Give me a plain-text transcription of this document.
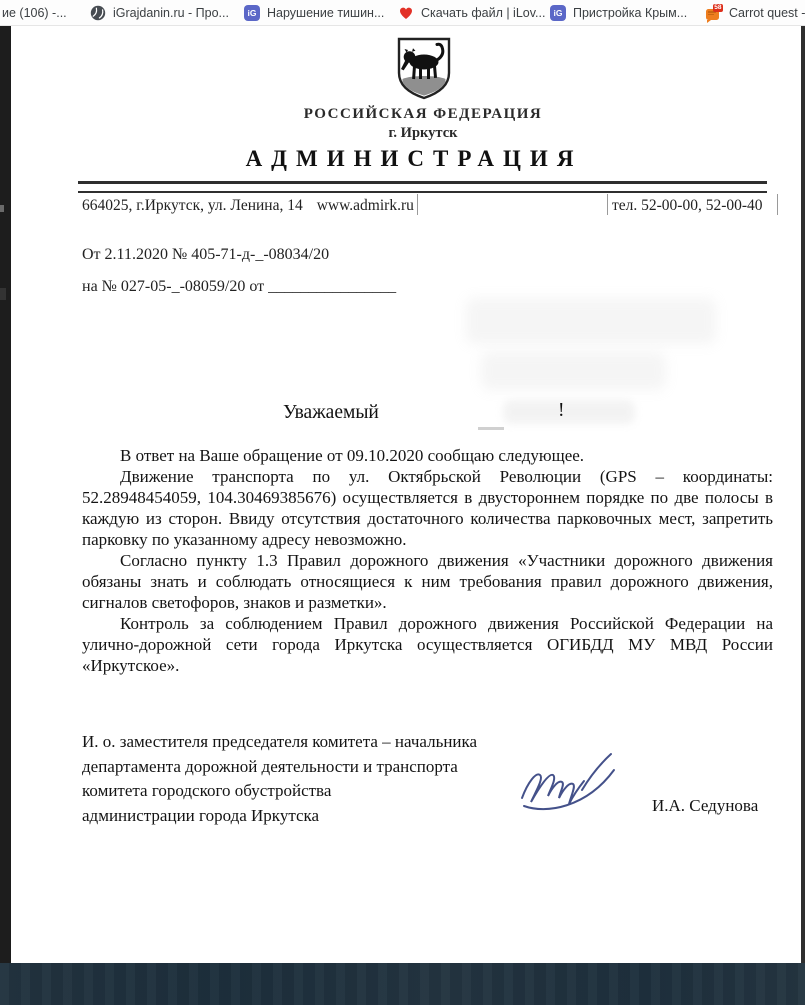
ие (106) -...	iGrajdanin.ru - Про...	iG Нарушение тишин...	Скачать файл | iLov... iG Пристройка Крым...	58 Carrot quest -
РОССИЙСКАЯ ФЕДЕРАЦИЯ
г. Иркутск
АДМИНИСТРАЦИЯ
664025, г.Иркутск, ул. Ленина, 14 www.admirk.ru	тел. 52-00-00, 52-00-40
От 2.11.2020 № 405-71-д-_-08034/20
на № 027-05-_-08059/20 от ________________
Уважаемый	!

В ответ на Ваше обращение от 09.10.2020 сообщаю следующее.

Движение транспорта по ул. Октябрьской Революции (GPS – координаты: 52.28948454059, 104.30469385676) осуществляется в двустороннем порядке по две полосы в каждую из сторон. Ввиду отсутствия достаточного количества парковочных мест, запретить парковку по указанному адресу невозможно.

Согласно пункту 1.3 Правил дорожного движения «Участники дорожного движения обязаны знать и соблюдать относящиеся к ним требования правил дорожного движения, сигналов светофоров, знаков и разметки».

Контроль за соблюдением Правил дорожного движения Российской Федерации на улично-дорожной сети города Иркутска осуществляется ОГИБДД МУ МВД России «Иркутское».

И. о. заместителя председателя комитета – начальника
департамента дорожной деятельности и транспорта
комитета городского обустройства
администрации города Иркутска	И.А. Седунова
